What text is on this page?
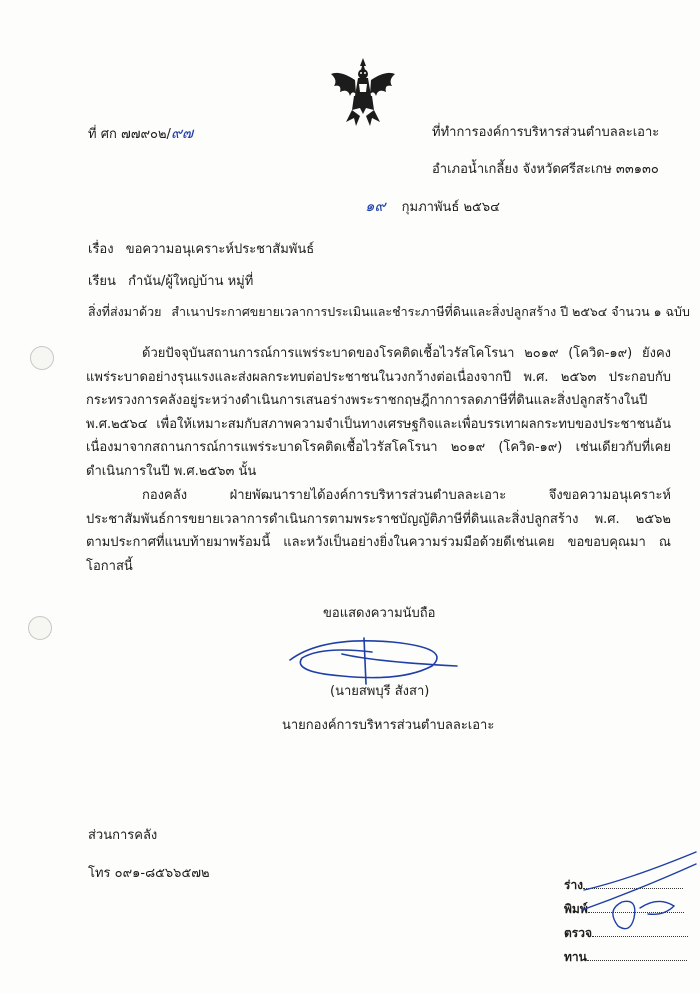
ที่ ศก ๗๗๙๐๒/๙๗	ที่ทำการองค์การบริหารส่วนตำบลละเอาะ
อำเภอน้ำเกลี้ยง จังหวัดศรีสะเกษ ๓๓๑๓๐
๑๙ กุมภาพันธ์ ๒๕๖๔
เรื่อง ขอความอนุเคราะห์ประชาสัมพันธ์
เรียน กำนัน/ผู้ใหญ่บ้าน หมู่ที่
สิ่งที่ส่งมาด้วย สำเนาประกาศขยายเวลาการประเมินและชำระภาษีที่ดินและสิ่งปลูกสร้าง ปี ๒๕๖๔ จำนวน ๑ ฉบับ
ด้วยปัจจุบันสถานการณ์การแพร่ระบาดของโรคติดเชื้อไวรัสโคโรนา ๒๐๑๙ (โควิด-๑๙) ยังคงแพร่ระบาดอย่างรุนแรงและส่งผลกระทบต่อประชาชนในวงกว้างต่อเนื่องจากปี พ.ศ. ๒๕๖๓ ประกอบกับกระทรวงการคลังอยู่ระหว่างดำเนินการเสนอร่างพระราชกฤษฎีกาการลดภาษีที่ดินและสิ่งปลูกสร้างในปี พ.ศ.๒๕๖๔ เพื่อให้เหมาะสมกับสภาพความจำเป็นทางเศรษฐกิจและเพื่อบรรเทาผลกระทบของประชาชนอันเนื่องมาจากสถานการณ์การแพร่ระบาดโรคติดเชื้อไวรัสโคโรนา ๒๐๑๙ (โควิด-๑๙) เช่นเดียวกับที่เคยดำเนินการในปี พ.ศ.๒๕๖๓ นั้น
กองคลัง ฝ่ายพัฒนารายได้องค์การบริหารส่วนตำบลละเอาะ จึงขอความอนุเคราะห์ประชาสัมพันธ์การขยายเวลาการดำเนินการตามพระราชบัญญัติภาษีที่ดินและสิ่งปลูกสร้าง พ.ศ. ๒๕๖๒ ตามประกาศที่แนบท้ายมาพร้อมนี้ และหวังเป็นอย่างยิ่งในความร่วมมือด้วยดีเช่นเคย ขอขอบคุณมา ณ โอกาสนี้
ขอแสดงความนับถือ
(นายสพบุรี สังสา)
นายกองค์การบริหารส่วนตำบลละเอาะ
ส่วนการคลัง
โทร ๐๙๑-๘๕๖๖๕๗๒
ร่าง
พิมพ์
ตรวจ
ทาน
